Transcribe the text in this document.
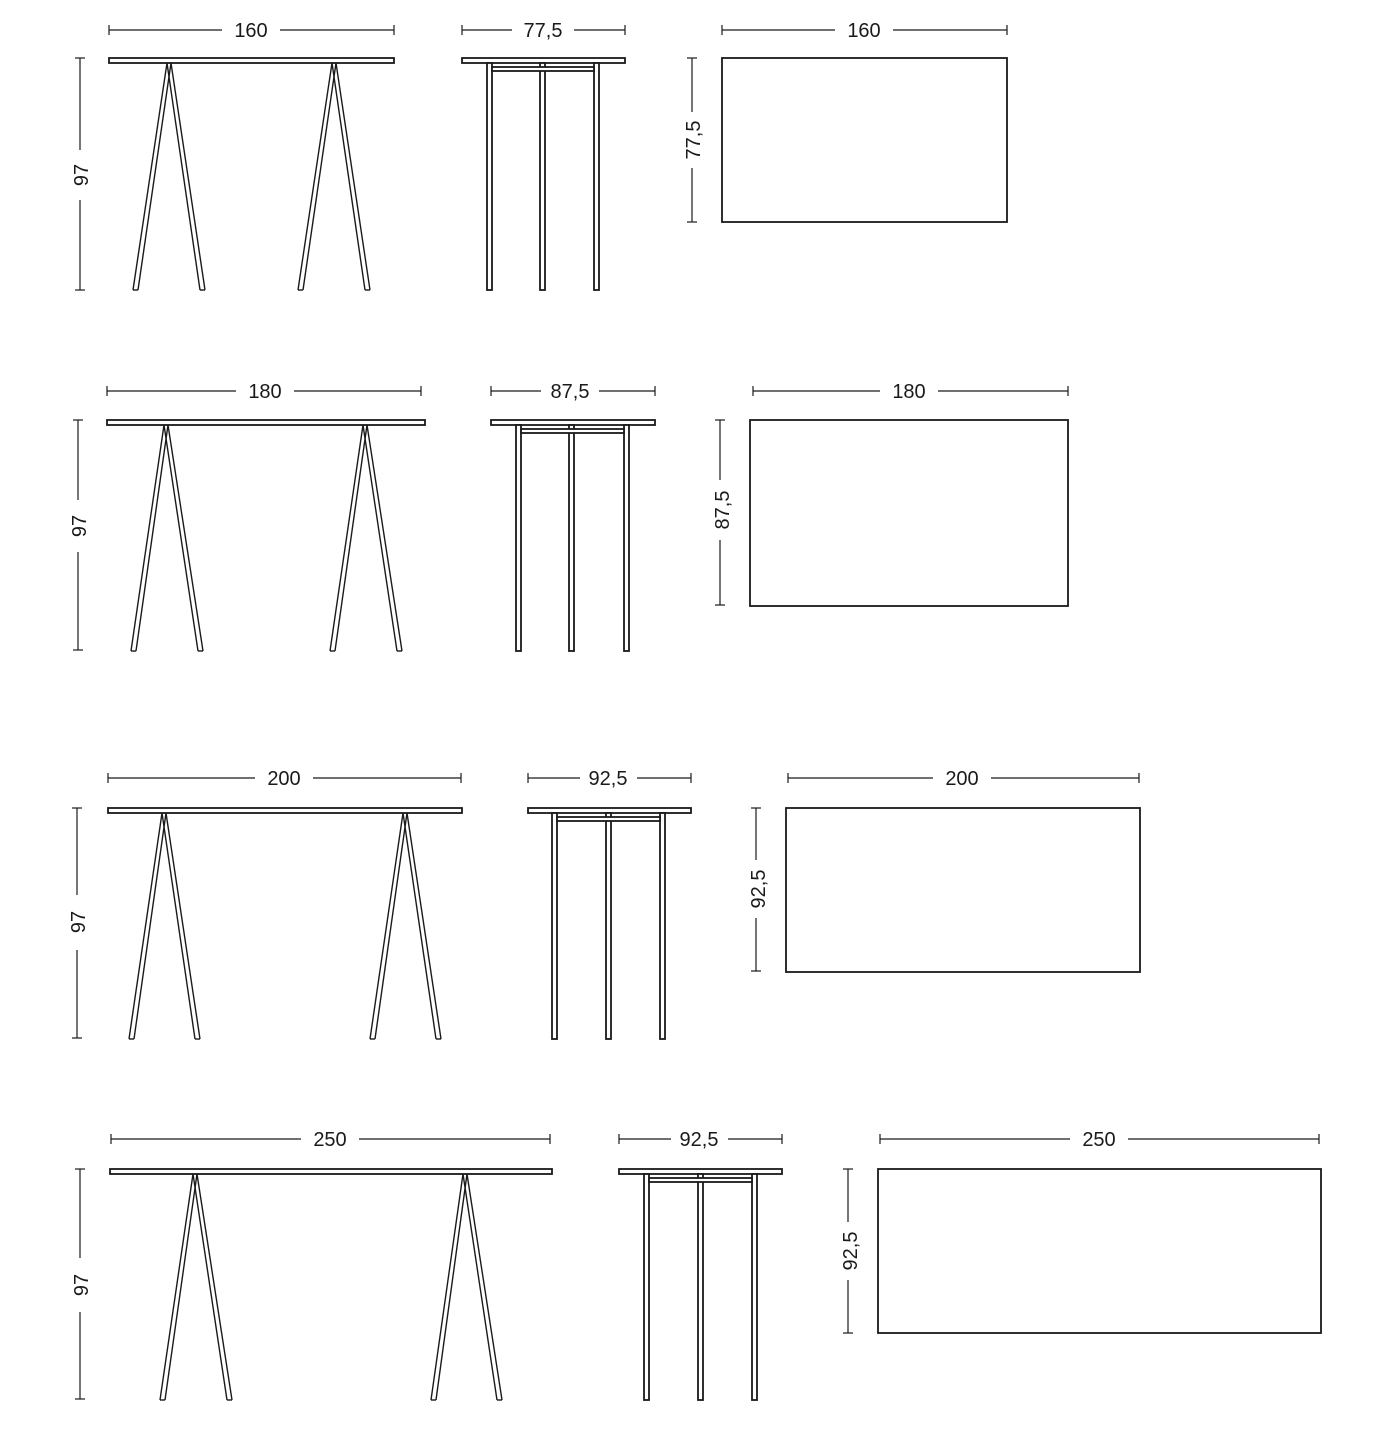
160
97
77,5	160
77,5
180
97
87,5	180
87,5
200
97
92,5	200
92,5
250
97
92,5	250
92,5
